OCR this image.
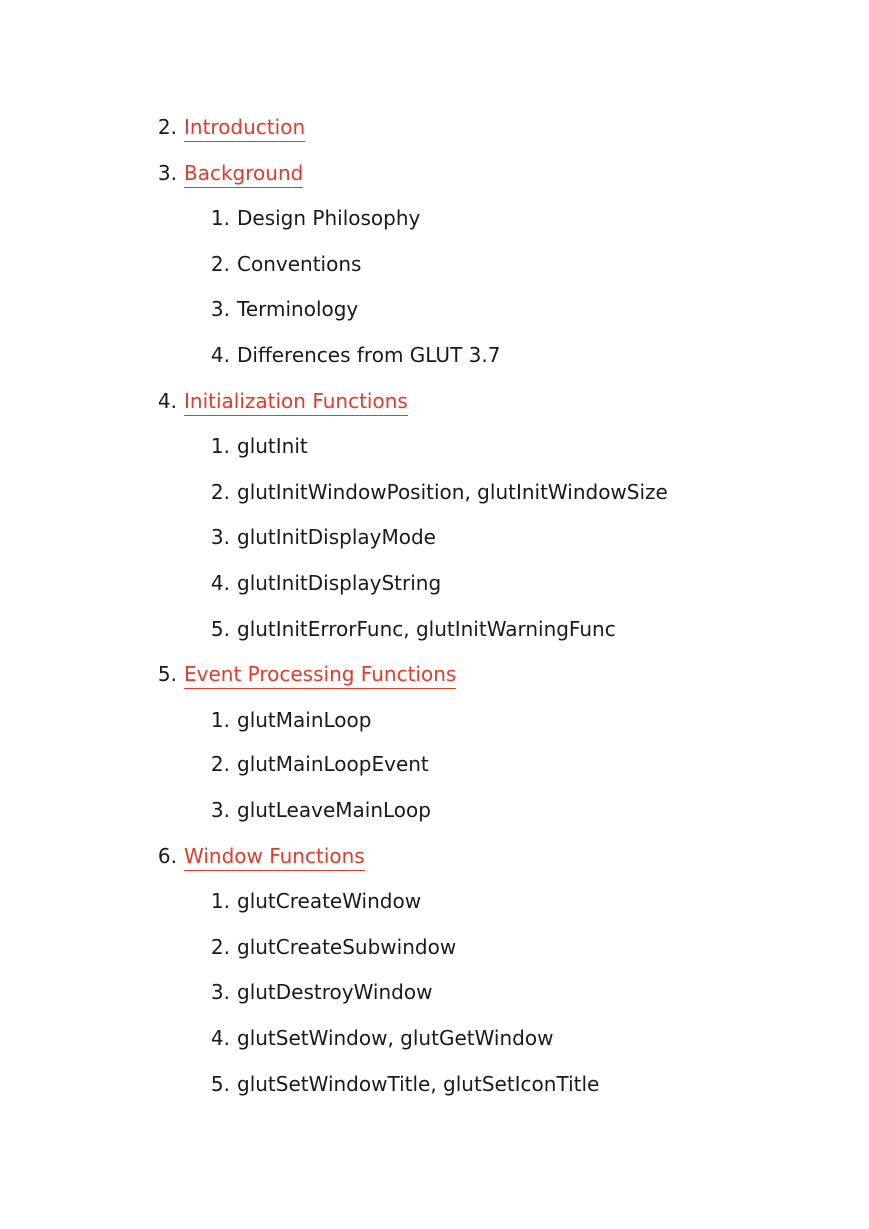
2. Introduction
3. Background
1. Design Philosophy
2. Conventions
3. Terminology
4. Differences from GLUT 3.7
4. Initialization Functions
1. glutInit
2. glutInitWindowPosition, glutInitWindowSize
3. glutInitDisplayMode
4. glutInitDisplayString
5. glutInitErrorFunc, glutInitWarningFunc
5. Event Processing Functions
1. glutMainLoop
2. glutMainLoopEvent
3. glutLeaveMainLoop
6. Window Functions
1. glutCreateWindow
2. glutCreateSubwindow
3. glutDestroyWindow
4. glutSetWindow, glutGetWindow
5. glutSetWindowTitle, glutSetIconTitle
